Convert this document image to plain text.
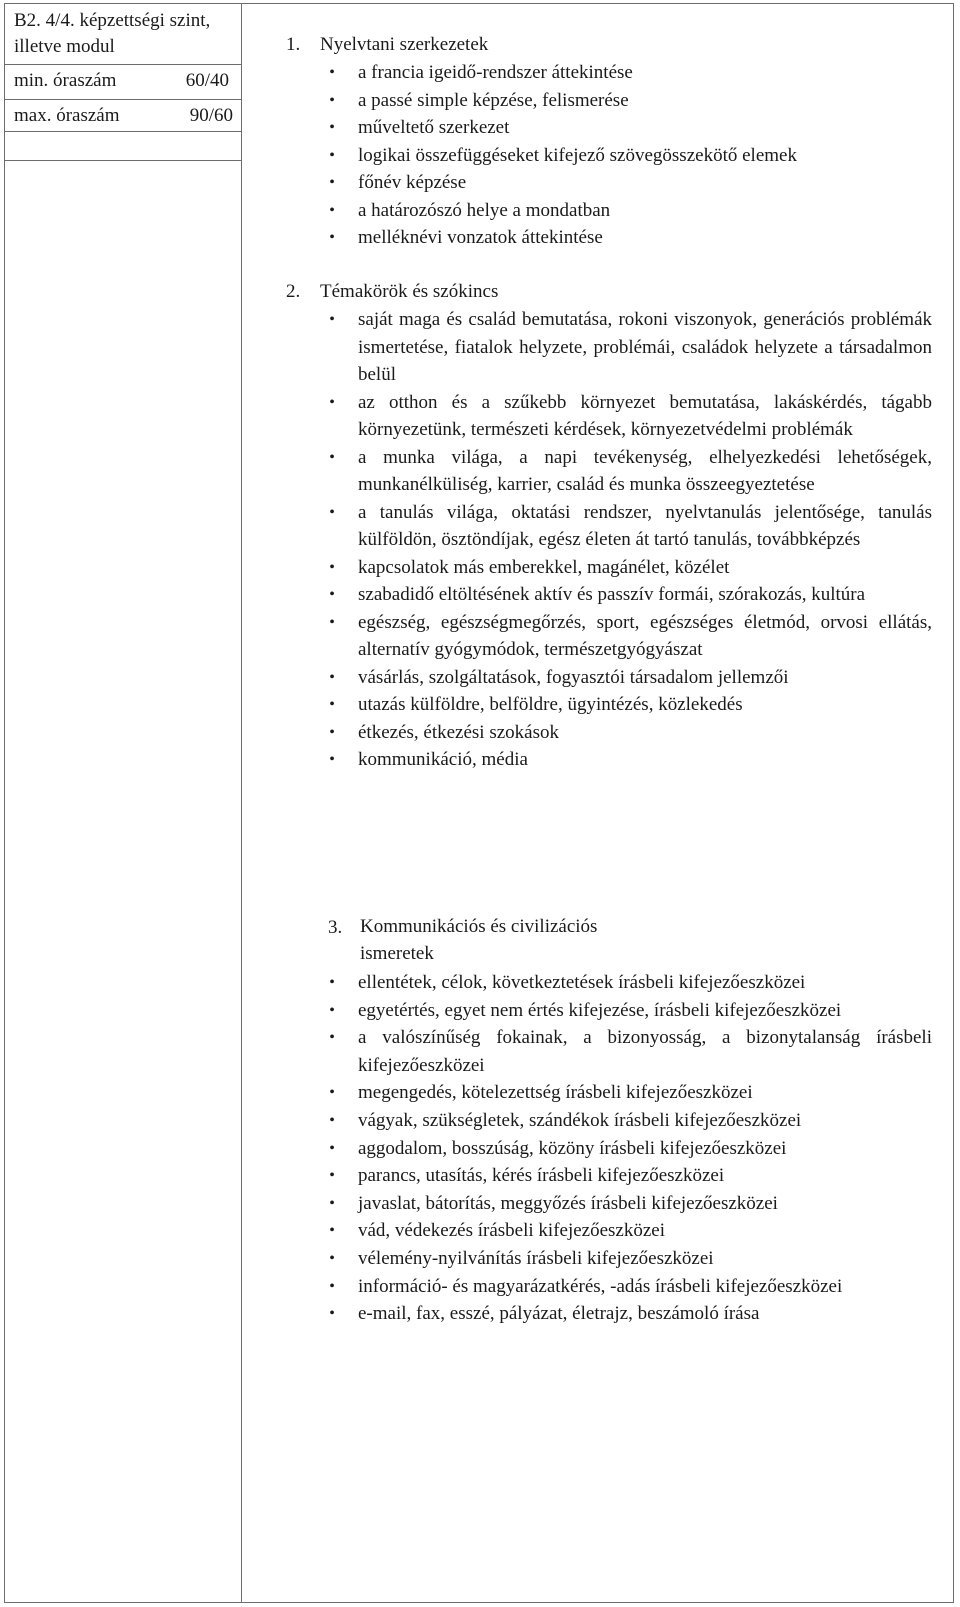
B2. 4/4. képzettségi szint, illetve modul
min. óraszám	60/40
max. óraszám	90/60
1. Nyelvtani szerkezetek
• a francia igeidő-rendszer áttekintése
• a passé simple képzése, felismerése
• műveltető szerkezet
• logikai összefüggéseket kifejező szövegösszekötő elemek
• főnév képzése
• a határozószó helye a mondatban
• melléknévi vonzatok áttekintése
2. Témakörök és szókincs
• saját maga és család bemutatása, rokoni viszonyok, generációs problémák ismertetése, fiatalok helyzete, problémái, családok helyzete a társadalmon belül
• az otthon és a szűkebb környezet bemutatása, lakáskérdés, tágabb környezetünk, természeti kérdések, környezetvédelmi problémák
• a munka világa, a napi tevékenység, elhelyezkedési lehetőségek, munkanélküliség, karrier, család és munka összeegyeztetése
• a tanulás világa, oktatási rendszer, nyelvtanulás jelentősége, tanulás külföldön, ösztöndíjak, egész életen át tartó tanulás, továbbképzés
• kapcsolatok más emberekkel, magánélet, közélet
• szabadidő eltöltésének aktív és passzív formái, szórakozás, kultúra
• egészség, egészségmegőrzés, sport, egészséges életmód, orvosi ellátás, alternatív gyógymódok, természetgyógyászat
• vásárlás, szolgáltatások, fogyasztói társadalom jellemzői
• utazás külföldre, belföldre, ügyintézés, közlekedés
• étkezés, étkezési szokások
• kommunikáció, média
3. Kommunikációs és civilizációs ismeretek
• ellentétek, célok, következtetések írásbeli kifejezőeszközei
• egyetértés, egyet nem értés kifejezése, írásbeli kifejezőeszközei
• a valószínűség fokainak, a bizonyosság, a bizonytalanság írásbeli kifejezőeszközei
• megengedés, kötelezettség írásbeli kifejezőeszközei
• vágyak, szükségletek, szándékok írásbeli kifejezőeszközei
• aggodalom, bosszúság, közöny írásbeli kifejezőeszközei
• parancs, utasítás, kérés írásbeli kifejezőeszközei
• javaslat, bátorítás, meggyőzés írásbeli kifejezőeszközei
• vád, védekezés írásbeli kifejezőeszközei
• vélemény-nyilvánítás írásbeli kifejezőeszközei
• információ- és magyarázatkérés, -adás írásbeli kifejezőeszközei
• e-mail, fax, esszé, pályázat, életrajz, beszámoló írása
